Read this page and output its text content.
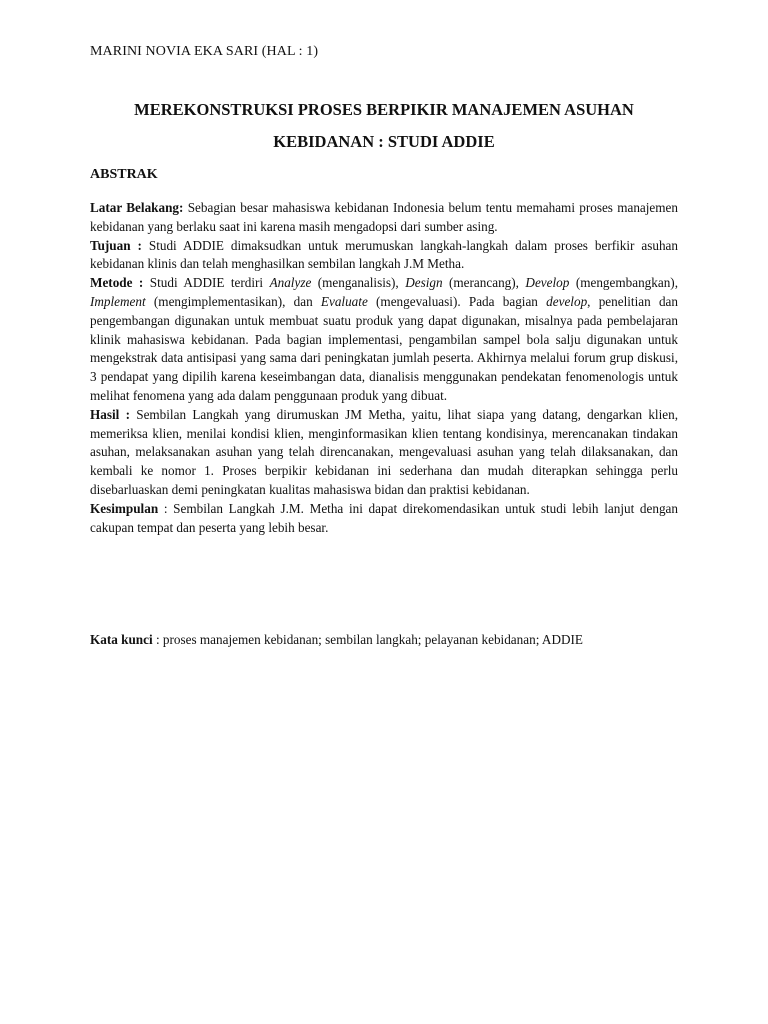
MARINI NOVIA EKA SARI (HAL : 1)
MEREKONSTRUKSI PROSES BERPIKIR MANAJEMEN ASUHAN
KEBIDANAN : STUDI ADDIE
ABSTRAK

Latar Belakang: Sebagian besar mahasiswa kebidanan Indonesia belum tentu memahami proses manajemen kebidanan yang berlaku saat ini karena masih mengadopsi dari sumber asing.

Tujuan : Studi ADDIE dimaksudkan untuk merumuskan langkah-langkah dalam proses berfikir asuhan kebidanan klinis dan telah menghasilkan sembilan langkah J.M Metha.

Metode : Studi ADDIE terdiri Analyze (menganalisis), Design (merancang), Develop (mengembangkan), Implement (mengimplementasikan), dan Evaluate (mengevaluasi). Pada bagian develop, penelitian dan pengembangan digunakan untuk membuat suatu produk yang dapat digunakan, misalnya pada pembelajaran klinik mahasiswa kebidanan. Pada bagian implementasi, pengambilan sampel bola salju digunakan untuk mengekstrak data antisipasi yang sama dari peningkatan jumlah peserta. Akhirnya melalui forum grup diskusi, 3 pendapat yang dipilih karena keseimbangan data, dianalisis menggunakan pendekatan fenomenologis untuk melihat fenomena yang ada dalam penggunaan produk yang dibuat.

Hasil : Sembilan Langkah yang dirumuskan JM Metha, yaitu, lihat siapa yang datang, dengarkan klien, memeriksa klien, menilai kondisi klien, menginformasikan klien tentang kondisinya, merencanakan tindakan asuhan, melaksanakan asuhan yang telah direncanakan, mengevaluasi asuhan yang telah dilaksanakan, dan kembali ke nomor 1. Proses berpikir kebidanan ini sederhana dan mudah diterapkan sehingga perlu disebarluaskan demi peningkatan kualitas mahasiswa bidan dan praktisi kebidanan.

Kesimpulan : Sembilan Langkah J.M. Metha ini dapat direkomendasikan untuk studi lebih lanjut dengan cakupan tempat dan peserta yang lebih besar.

Kata kunci : proses manajemen kebidanan; sembilan langkah; pelayanan kebidanan; ADDIE
